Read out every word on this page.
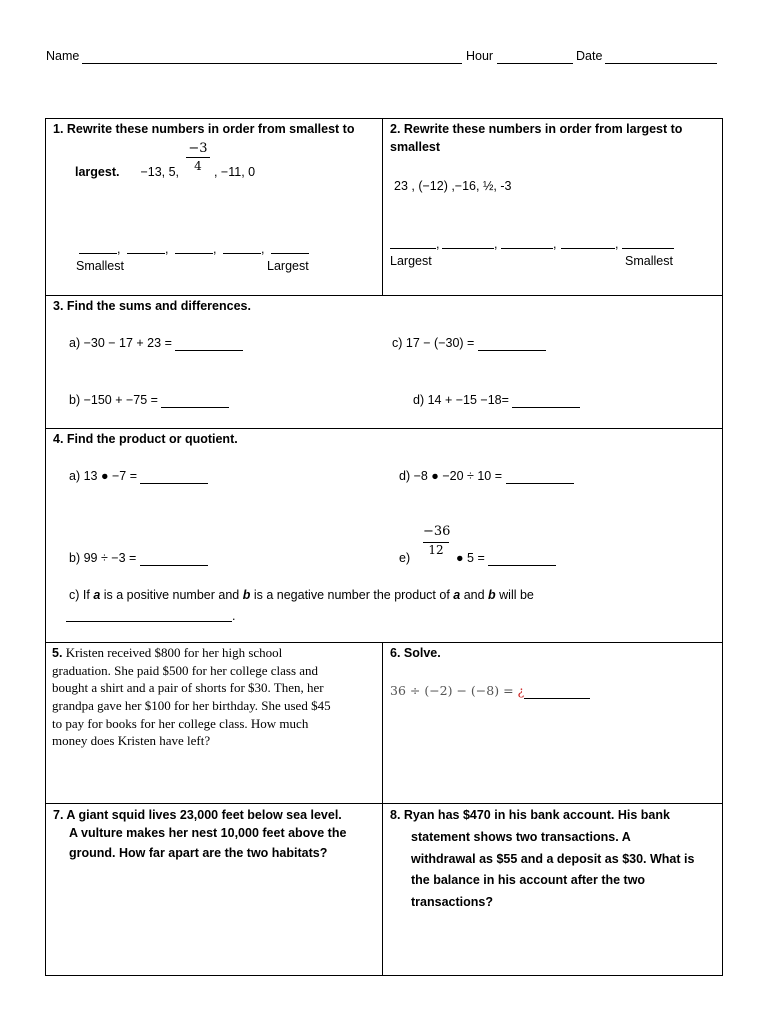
Name	Hour	Date
1. Rewrite these numbers in order from smallest to
−3
4
largest. −13, 5,	, −11, 0
,	,	,	,
Smallest	Largest
2. Rewrite these numbers in order from largest to
smallest
23 , (−12) ,−16, ½, -3
,	,	,	,
Largest	Smallest
3. Find the sums and differences.
a) −30 − 17 + 23 =
b) −150 + −75 =
c) 17 − (−30) =
d) 14 + −15 −18=
4. Find the product or quotient.
a) 13 ● −7 =
b) 99 ÷ −3 =
d) −8 ● −20 ÷ 10 =
e)
−36
12
● 5 =
c) If a is a positive number and b is a negative number the product of a and b will be
.
5. Kristen received $800 for her high school
graduation. She paid $500 for her college class and
bought a shirt and a pair of shorts for $30. Then, her
grandpa gave her $100 for her birthday. She used $45
to pay for books for her college class. How much
money does Kristen have left?
6. Solve.
36 ÷ (−2) − (−8) = ¿
7. A giant squid lives 23,000 feet below sea level.
A vulture makes her nest 10,000 feet above the
ground. How far apart are the two habitats?
8. Ryan has $470 in his bank account. His bank
statement shows two transactions. A
withdrawal as $55 and a deposit as $30. What is
the balance in his account after the two
transactions?
